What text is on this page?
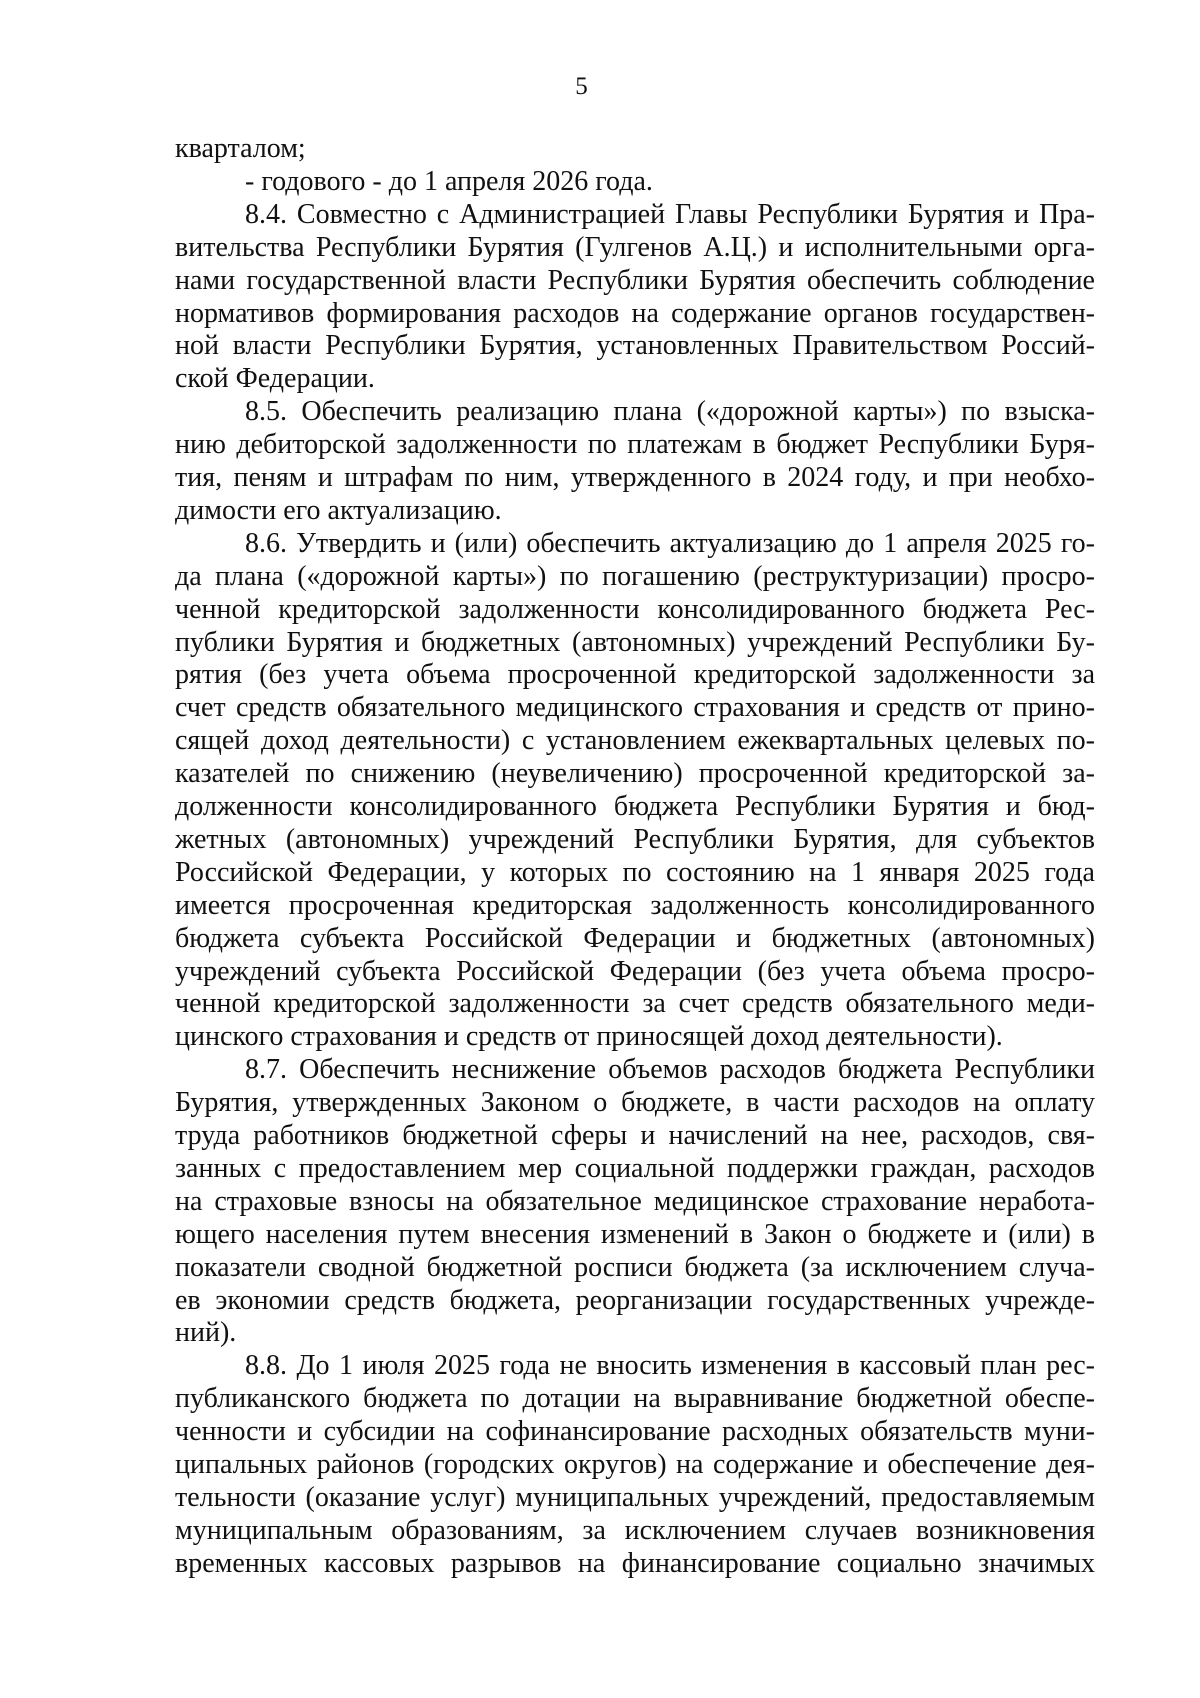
5
кварталом;
- годового - до 1 апреля 2026 года.
8.4. Совместно с Администрацией Главы Республики Бурятия и Пра-
вительства Республики Бурятия (Гулгенов А.Ц.) и исполнительными орга-
нами государственной власти Республики Бурятия обеспечить соблюдение
нормативов формирования расходов на содержание органов государствен-
ной власти Республики Бурятия, установленных Правительством Россий-
ской Федерации.
8.5. Обеспечить реализацию плана («дорожной карты») по взыска-
нию дебиторской задолженности по платежам в бюджет Республики Буря-
тия, пеням и штрафам по ним, утвержденного в 2024 году, и при необхо-
димости его актуализацию.
8.6. Утвердить и (или) обеспечить актуализацию до 1 апреля 2025 го-
да плана («дорожной карты») по погашению (реструктуризации) просро-
ченной кредиторской задолженности консолидированного бюджета Рес-
публики Бурятия и бюджетных (автономных) учреждений Республики Бу-
рятия (без учета объема просроченной кредиторской задолженности за
счет средств обязательного медицинского страхования и средств от прино-
сящей доход деятельности) с установлением ежеквартальных целевых по-
казателей по снижению (неувеличению) просроченной кредиторской за-
долженности консолидированного бюджета Республики Бурятия и бюд-
жетных (автономных) учреждений Республики Бурятия, для субъектов
Российской Федерации, у которых по состоянию на 1 января 2025 года
имеется просроченная кредиторская задолженность консолидированного
бюджета субъекта Российской Федерации и бюджетных (автономных)
учреждений субъекта Российской Федерации (без учета объема просро-
ченной кредиторской задолженности за счет средств обязательного меди-
цинского страхования и средств от приносящей доход деятельности).
8.7. Обеспечить неснижение объемов расходов бюджета Республики
Бурятия, утвержденных Законом о бюджете, в части расходов на оплату
труда работников бюджетной сферы и начислений на нее, расходов, свя-
занных с предоставлением мер социальной поддержки граждан, расходов
на страховые взносы на обязательное медицинское страхование неработа-
ющего населения путем внесения изменений в Закон о бюджете и (или) в
показатели сводной бюджетной росписи бюджета (за исключением случа-
ев экономии средств бюджета, реорганизации государственных учрежде-
ний).
8.8. До 1 июля 2025 года не вносить изменения в кассовый план рес-
публиканского бюджета по дотации на выравнивание бюджетной обеспе-
ченности и субсидии на софинансирование расходных обязательств муни-
ципальных районов (городских округов) на содержание и обеспечение дея-
тельности (оказание услуг) муниципальных учреждений, предоставляемым
муниципальным образованиям, за исключением случаев возникновения
временных кассовых разрывов на финансирование социально значимых
